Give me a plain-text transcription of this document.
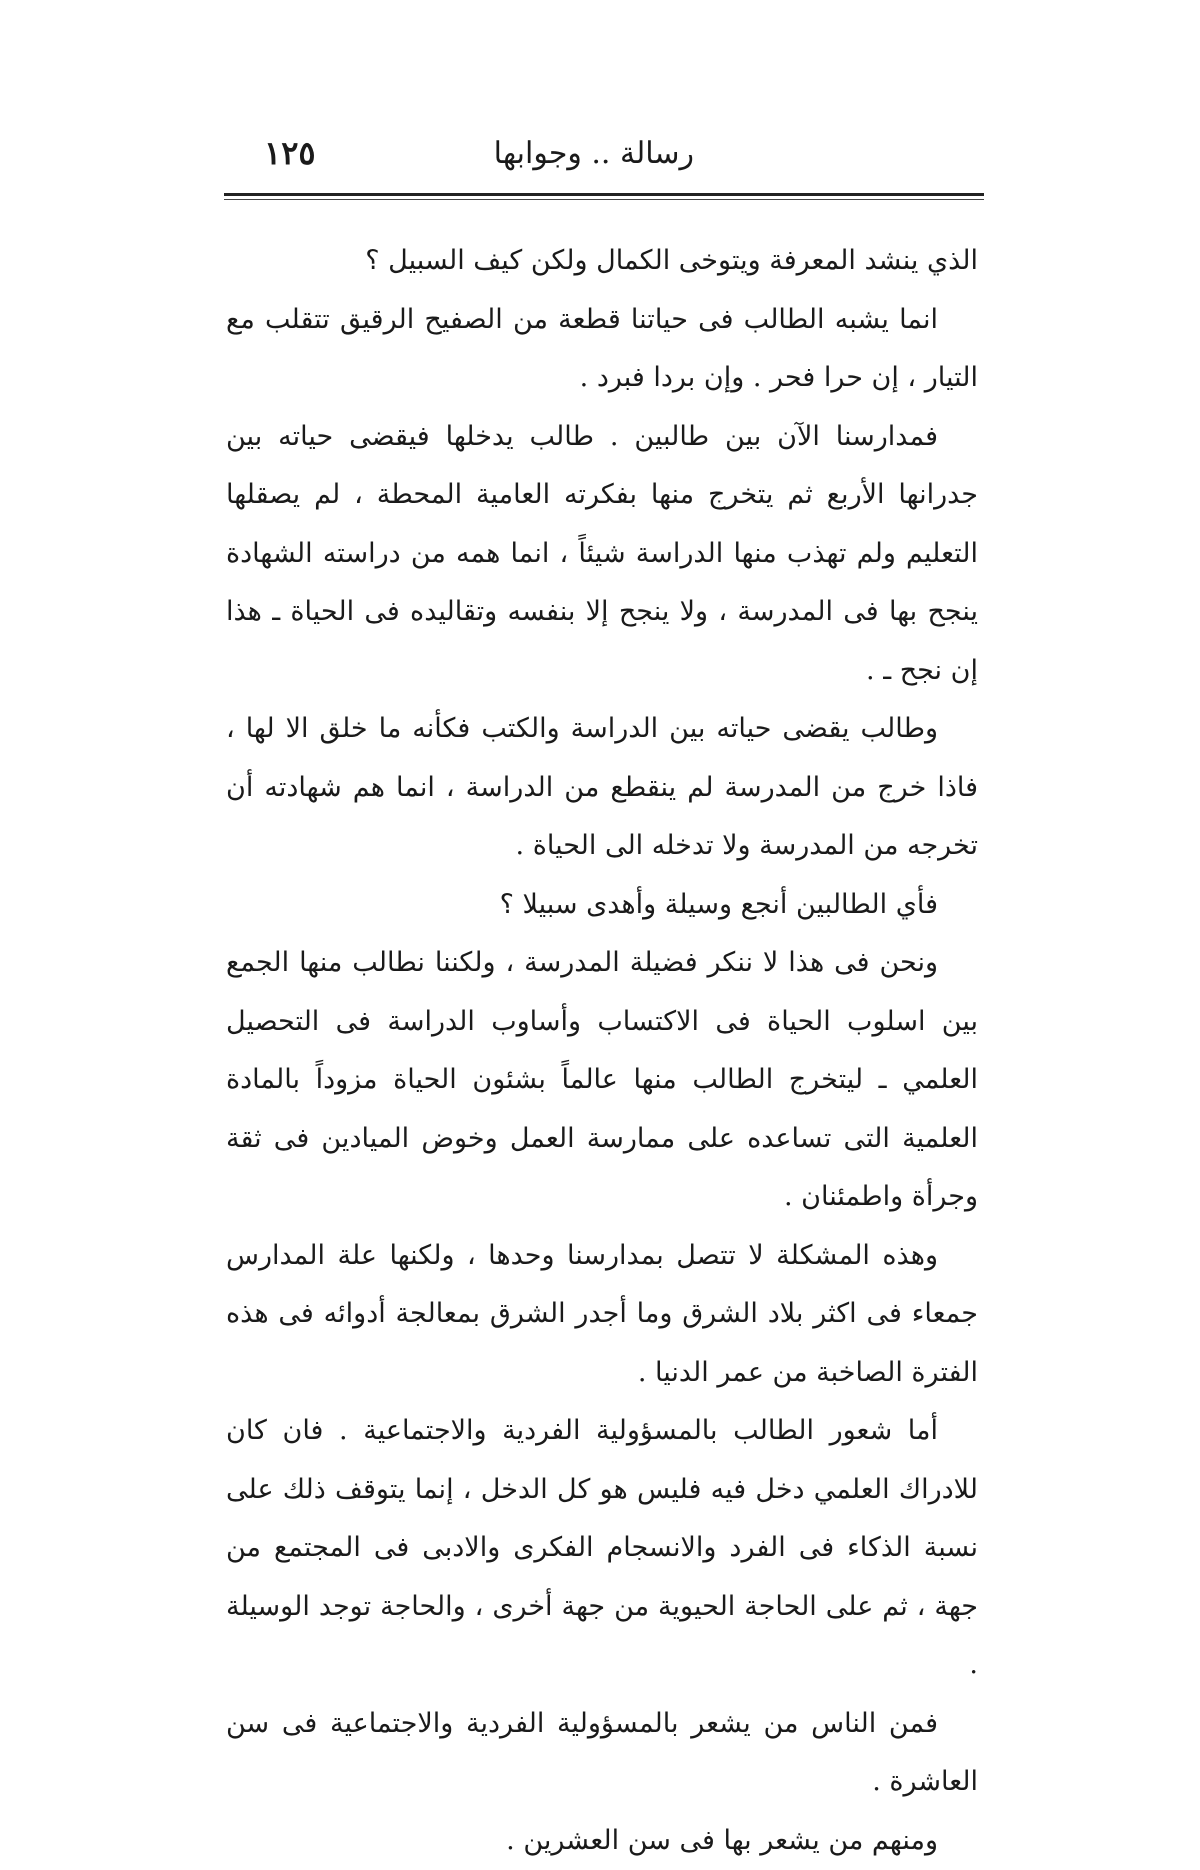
رسالة .. وجوابها
١٢٥

الذي ينشد المعرفة ويتوخى الكمال ولكن كيف السبيل ؟

انما يشبه الطالب فى حياتنا قطعة من الصفيح الرقيق تتقلب مع التيار ، إن حرا فحر . وإن بردا فبرد .

فمدارسنا الآن بين طالبين . طالب يدخلها فيقضى حياته بين جدرانها الأربع ثم يتخرج منها بفكرته العامية المحطة ، لم يصقلها التعليم ولم تهذب منها الدراسة شيئاً ، انما همه من دراسته الشهادة ينجح بها فى المدرسة ، ولا ينجح إلا بنفسه وتقاليده فى الحياة ـ هذا إن نجح ـ .

وطالب يقضى حياته بين الدراسة والكتب فكأنه ما خلق الا لها ، فاذا خرج من المدرسة لم ينقطع من الدراسة ، انما هم شهادته أن تخرجه من المدرسة ولا تدخله الى الحياة .

فأي الطالبين أنجع وسيلة وأهدى سبيلا ؟

ونحن فى هذا لا ننكر فضيلة المدرسة ، ولكننا نطالب منها الجمع بين اسلوب الحياة فى الاكتساب وأساوب الدراسة فى التحصيل العلمي ـ ليتخرج الطالب منها عالماً بشئون الحياة مزوداً بالمادة العلمية التى تساعده على ممارسة العمل وخوض الميادين فى ثقة وجرأة واطمئنان .

وهذه المشكلة لا تتصل بمدارسنا وحدها ، ولكنها علة المدارس جمعاء فى اكثر بلاد الشرق وما أجدر الشرق بمعالجة أدوائه فى هذه الفترة الصاخبة من عمر الدنيا .

أما شعور الطالب بالمسؤولية الفردية والاجتماعية . فان كان للادراك العلمي دخل فيه فليس هو كل الدخل ، إنما يتوقف ذلك على نسبة الذكاء فى الفرد والانسجام الفكرى والادبى فى المجتمع من جهة ، ثم على الحاجة الحيوية من جهة أخرى ، والحاجة توجد الوسيلة .

فمن الناس من يشعر بالمسؤولية الفردية والاجتماعية فى سن العاشرة .

ومنهم من يشعر بها فى سن العشرين .
